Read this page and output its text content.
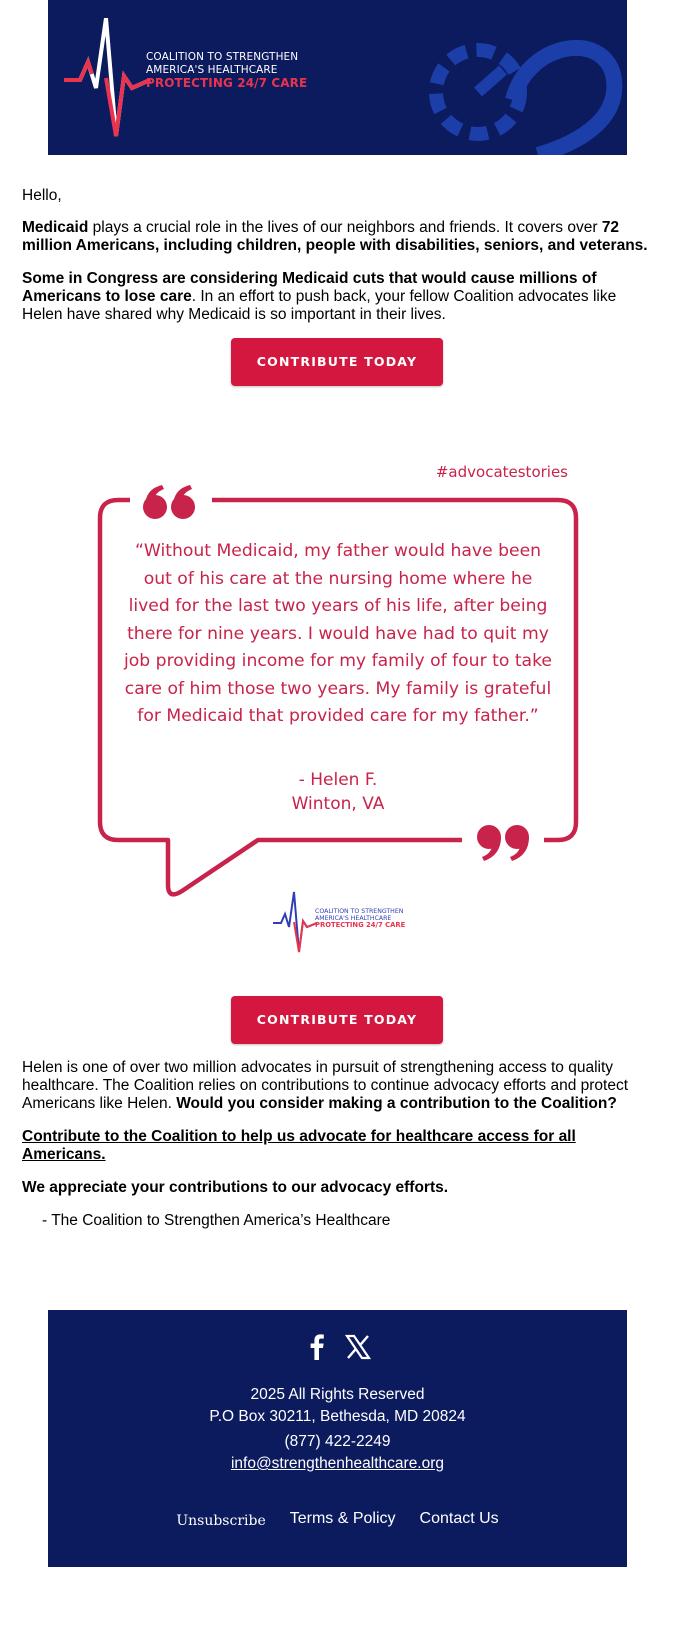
COALITION TO STRENGTHEN
AMERICA'S HEALTHCARE
PROTECTING 24/7 CARE
Hello,
Medicaid plays a crucial role in the lives of our neighbors and friends. It covers over 72 million Americans, including children, people with disabilities, seniors, and veterans.
Some in Congress are considering Medicaid cuts that would cause millions of Americans to lose care. In an effort to push back, your fellow Coalition advocates like Helen have shared why Medicaid is so important in their lives.
CONTRIBUTE TODAY
#advocatestories
“Without Medicaid, my father would have been out of his care at the nursing home where he lived for the last two years of his life, after being there for nine years. I would have had to quit my job providing income for my family of four to take care of him those two years. My family is grateful for Medicaid that provided care for my father.”
- Helen F.
Winton, VA
COALITION TO STRENGTHEN
AMERICA'S HEALTHCARE
PROTECTING 24/7 CARE
CONTRIBUTE TODAY
Helen is one of over two million advocates in pursuit of strengthening access to quality healthcare. The Coalition relies on contributions to continue advocacy efforts and protect Americans like Helen. Would you consider making a contribution to the Coalition?
Contribute to the Coalition to help us advocate for healthcare access for all Americans.
We appreciate your contributions to our advocacy efforts.
- The Coalition to Strengthen America’s Healthcare
2025 All Rights Reserved
P.O Box 30211, Bethesda, MD 20824
(877) 422-2249
info@strengthenhealthcare.org
Unsubscribe Terms & Policy Contact Us
